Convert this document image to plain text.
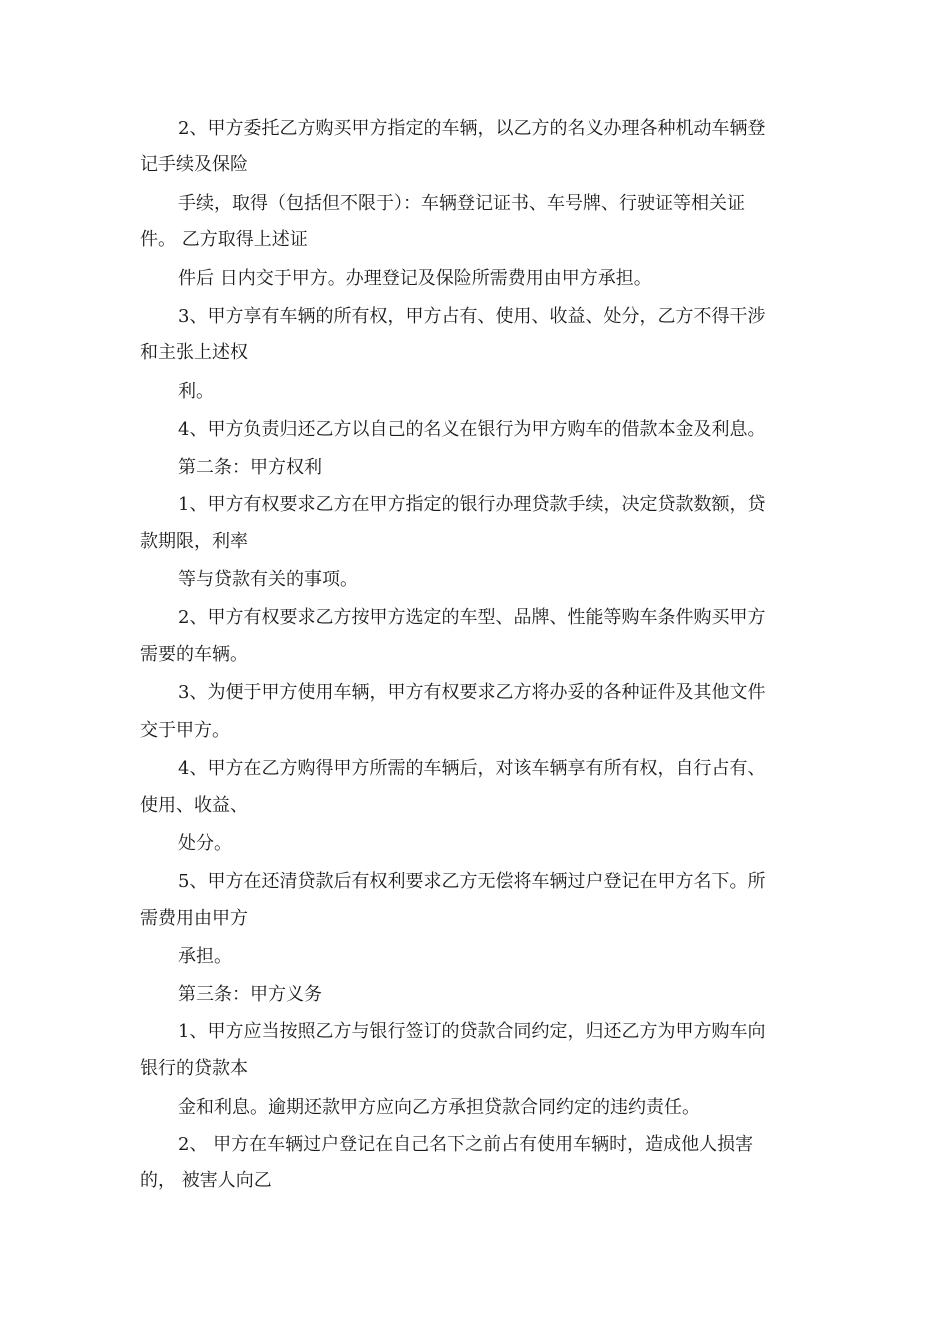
2、甲方委托乙方购买甲方指定的车辆，以乙方的名义办理各种机动车辆登
记手续及保险
手续，取得（包括但不限于）：车辆登记证书、车号牌、行驶证等相关证
件。 乙方取得上述证
件后 日内交于甲方。办理登记及保险所需费用由甲方承担。
3、甲方享有车辆的所有权，甲方占有、使用、收益、处分，乙方不得干涉
和主张上述权
利。
4、甲方负责归还乙方以自己的名义在银行为甲方购车的借款本金及利息。
第二条：甲方权利
1、甲方有权要求乙方在甲方指定的银行办理贷款手续，决定贷款数额，贷
款期限，利率
等与贷款有关的事项。
2、甲方有权要求乙方按甲方选定的车型、品牌、性能等购车条件购买甲方
需要的车辆。
3、为便于甲方使用车辆，甲方有权要求乙方将办妥的各种证件及其他文件
交于甲方。
4、甲方在乙方购得甲方所需的车辆后，对该车辆享有所有权，自行占有、
使用、收益、
处分。
5、甲方在还清贷款后有权利要求乙方无偿将车辆过户登记在甲方名下。所
需费用由甲方
承担。
第三条：甲方义务
1、甲方应当按照乙方与银行签订的贷款合同约定，归还乙方为甲方购车向
银行的贷款本
金和利息。逾期还款甲方应向乙方承担贷款合同约定的违约责任。
2、 甲方在车辆过户登记在自己名下之前占有使用车辆时，造成他人损害
的， 被害人向乙
